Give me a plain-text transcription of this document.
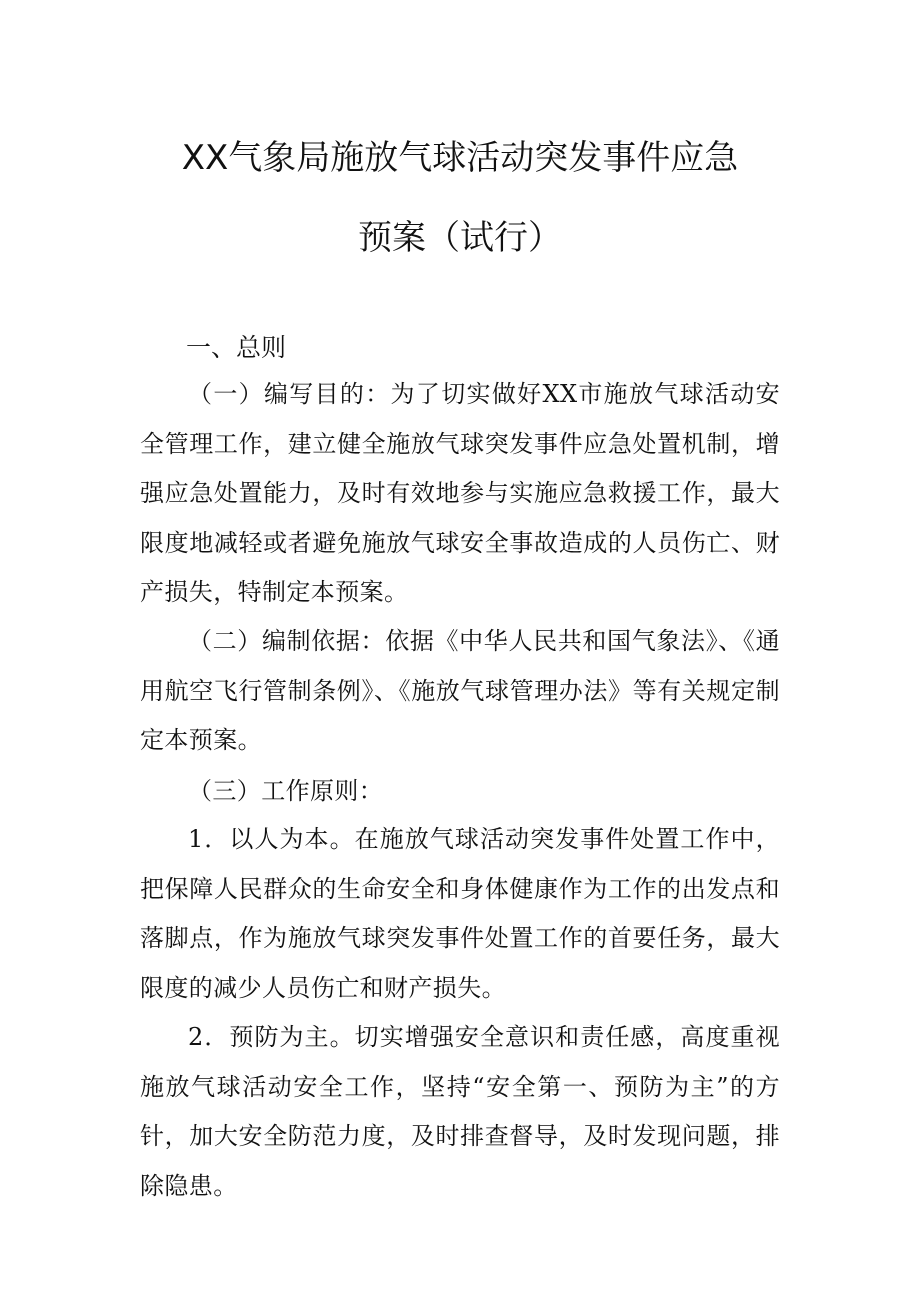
XX气象局施放气球活动突发事件应急
预案（试行）
一、总则
（一）编写目的：为了切实做好XX市施放气球活动安全管理工作，建立健全施放气球突发事件应急处置机制，增强应急处置能力，及时有效地参与实施应急救援工作，最大限度地减轻或者避免施放气球安全事故造成的人员伤亡、财产损失，特制定本预案。
（二）编制依据：依据《中华人民共和国气象法》、《通用航空飞行管制条例》、《施放气球管理办法》等有关规定制定本预案。
（三）工作原则：
1．以人为本。在施放气球活动突发事件处置工作中，把保障人民群众的生命安全和身体健康作为工作的出发点和落脚点，作为施放气球突发事件处置工作的首要任务，最大限度的减少人员伤亡和财产损失。
2．预防为主。切实增强安全意识和责任感，高度重视施放气球活动安全工作，坚持“安全第一、预防为主”的方针，加大安全防范力度，及时排查督导，及时发现问题，排除隐患。
